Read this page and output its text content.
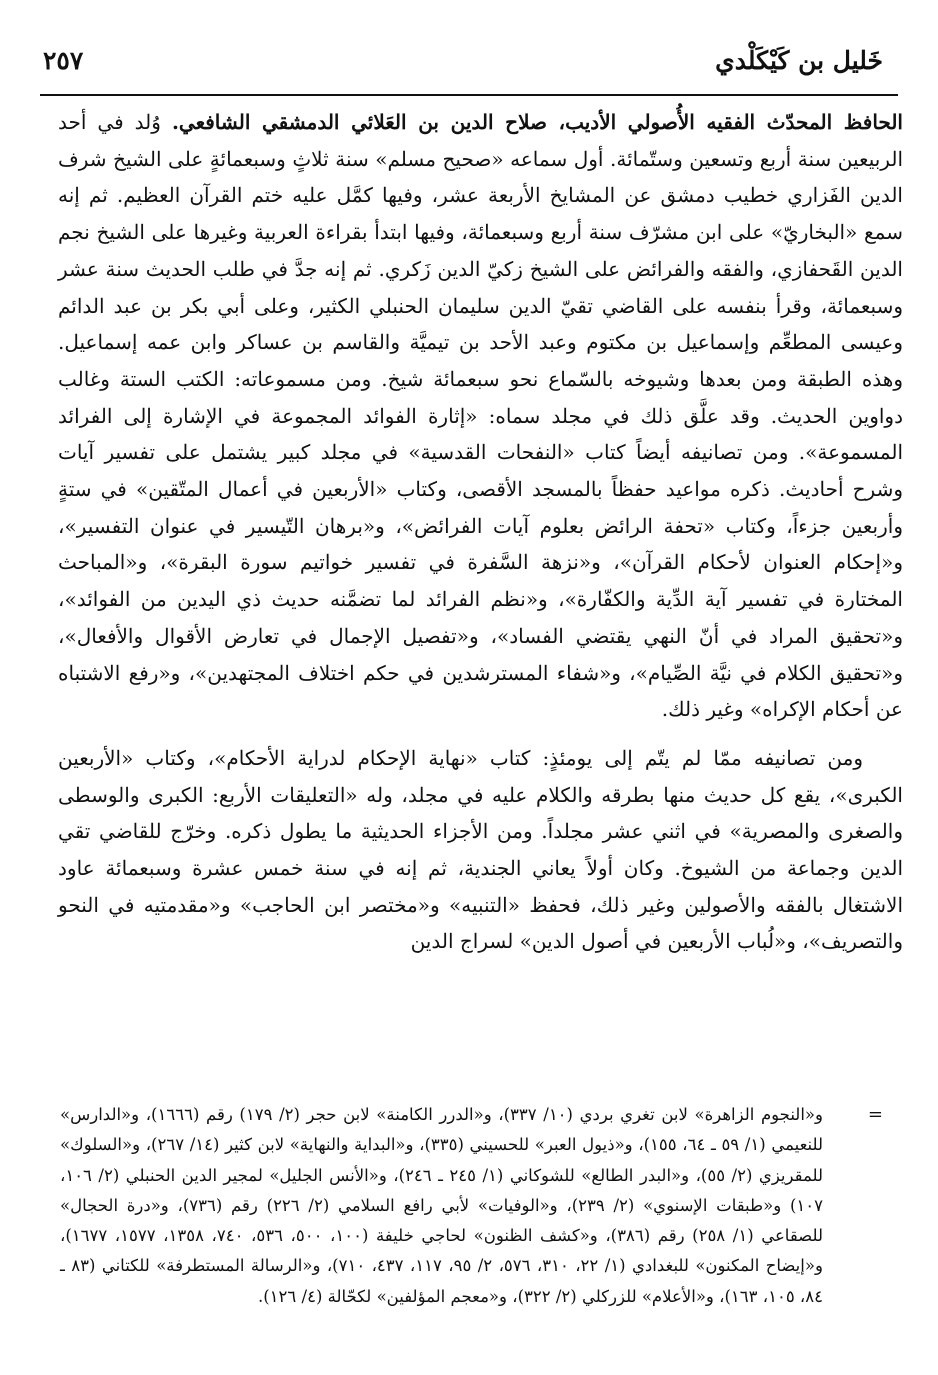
خَليل بن كَيْكَلْدي
٢٥٧

الحافظ المحدّث الفقيه الأُصولي الأديب، صلاح الدين بن العَلائي الدمشقي الشافعي. وُلد في أحد الربيعين سنة أربع وتسعين وستّمائة. أول سماعه «صحيح مسلم» سنة ثلاثٍ وسبعمائةٍ على الشيخ شرف الدين الفَزاري خطيب دمشق عن المشايخ الأربعة عشر، وفيها كمَّل عليه ختم القرآن العظيم. ثم إنه سمع «البخاريّ» على ابن مشرّف سنة أربع وسبعمائة، وفيها ابتدأ بقراءة العربية وغيرها على الشيخ نجم الدين القَحفازي، والفقه والفرائض على الشيخ زكيّ الدين زَكري. ثم إنه جدَّ في طلب الحديث سنة عشر وسبعمائة، وقرأ بنفسه على القاضي تقيّ الدين سليمان الحنبلي الكثير، وعلى أبي بكر بن عبد الدائم وعيسى المطعِّم وإسماعيل بن مكتوم وعبد الأحد بن تيميَّة والقاسم بن عساكر وابن عمه إسماعيل. وهذه الطبقة ومن بعدها وشيوخه بالسّماع نحو سبعمائة شيخ. ومن مسموعاته: الكتب الستة وغالب دواوين الحديث. وقد علَّق ذلك في مجلد سماه: «إثارة الفوائد المجموعة في الإشارة إلى الفرائد المسموعة». ومن تصانيفه أيضاً كتاب «النفحات القدسية» في مجلد كبير يشتمل على تفسير آيات وشرح أحاديث. ذكره مواعيد حفظاً بالمسجد الأقصى، وكتاب «الأربعين في أعمال المتّقين» في ستةٍ وأربعين جزءاً، وكتاب «تحفة الرائض بعلوم آيات الفرائض»، و«برهان التّيسير في عنوان التفسير»، و«إحكام العنوان لأحكام القرآن»، و«نزهة السَّفرة في تفسير خواتيم سورة البقرة»، و«المباحث المختارة في تفسير آية الدِّية والكفّارة»، و«نظم الفرائد لما تضمَّنه حديث ذي اليدين من الفوائد»، و«تحقيق المراد في أنّ النهي يقتضي الفساد»، و«تفصيل الإجمال في تعارض الأقوال والأفعال»، و«تحقيق الكلام في نيَّة الصِّيام»، و«شفاء المسترشدين في حكم اختلاف المجتهدين»، و«رفع الاشتباه عن أحكام الإكراه» وغير ذلك.

ومن تصانيفه ممّا لم يتّم إلى يومئذٍ: كتاب «نهاية الإحكام لدراية الأحكام»، وكتاب «الأربعين الكبرى»، يقع كل حديث منها بطرقه والكلام عليه في مجلد، وله «التعليقات الأربع: الكبرى والوسطى والصغرى والمصرية» في اثني عشر مجلداً. ومن الأجزاء الحديثية ما يطول ذكره. وخرّج للقاضي تقي الدين وجماعة من الشيوخ. وكان أولاً يعاني الجندية، ثم إنه في سنة خمس عشرة وسبعمائة عاود الاشتغال بالفقه والأصولين وغير ذلك، فحفظ «التنبيه» و«مختصر ابن الحاجب» و«مقدمتيه في النحو والتصريف»، و«لُباب الأربعين في أصول الدين» لسراج الدين

=
و«النجوم الزاهرة» لابن تغري بردي (١٠/ ٣٣٧)، و«الدرر الكامنة» لابن حجر (٢/ ١٧٩) رقم (١٦٦٦)، و«الدارس» للنعيمي (١/ ٥٩ ـ ٦٤، ١٥٥)، و«ذيول العبر» للحسيني (٣٣٥)، و«البداية والنهاية» لابن كثير (١٤/ ٢٦٧)، و«السلوك» للمقريزي (٢/ ٥٥)، و«البدر الطالع» للشوكاني (١/ ٢٤٥ ـ ٢٤٦)، و«الأنس الجليل» لمجير الدين الحنبلي (٢/ ١٠٦، ١٠٧) و«طبقات الإسنوي» (٢/ ٢٣٩)، و«الوفيات» لأبي رافع السلامي (٢/ ٢٢٦) رقم (٧٣٦)، و«درة الحجال» للصقاعي (١/ ٢٥٨) رقم (٣٨٦)، و«كشف الظنون» لحاجي خليفة (١٠٠، ٥٠٠، ٥٣٦، ٧٤٠، ١٣٥٨، ١٥٧٧، ١٦٧٧)، و«إيضاح المكنون» للبغدادي (١/ ٢٢، ٣١٠، ٥٧٦، ٢/ ٩٥، ١١٧، ٤٣٧، ٧١٠)، و«الرسالة المستطرفة» للكتاني (٨٣ ـ ٨٤، ١٠٥، ١٦٣)، و«الأعلام» للزركلي (٢/ ٣٢٢)، و«معجم المؤلفين» لكحّالة (٤/ ١٢٦).
